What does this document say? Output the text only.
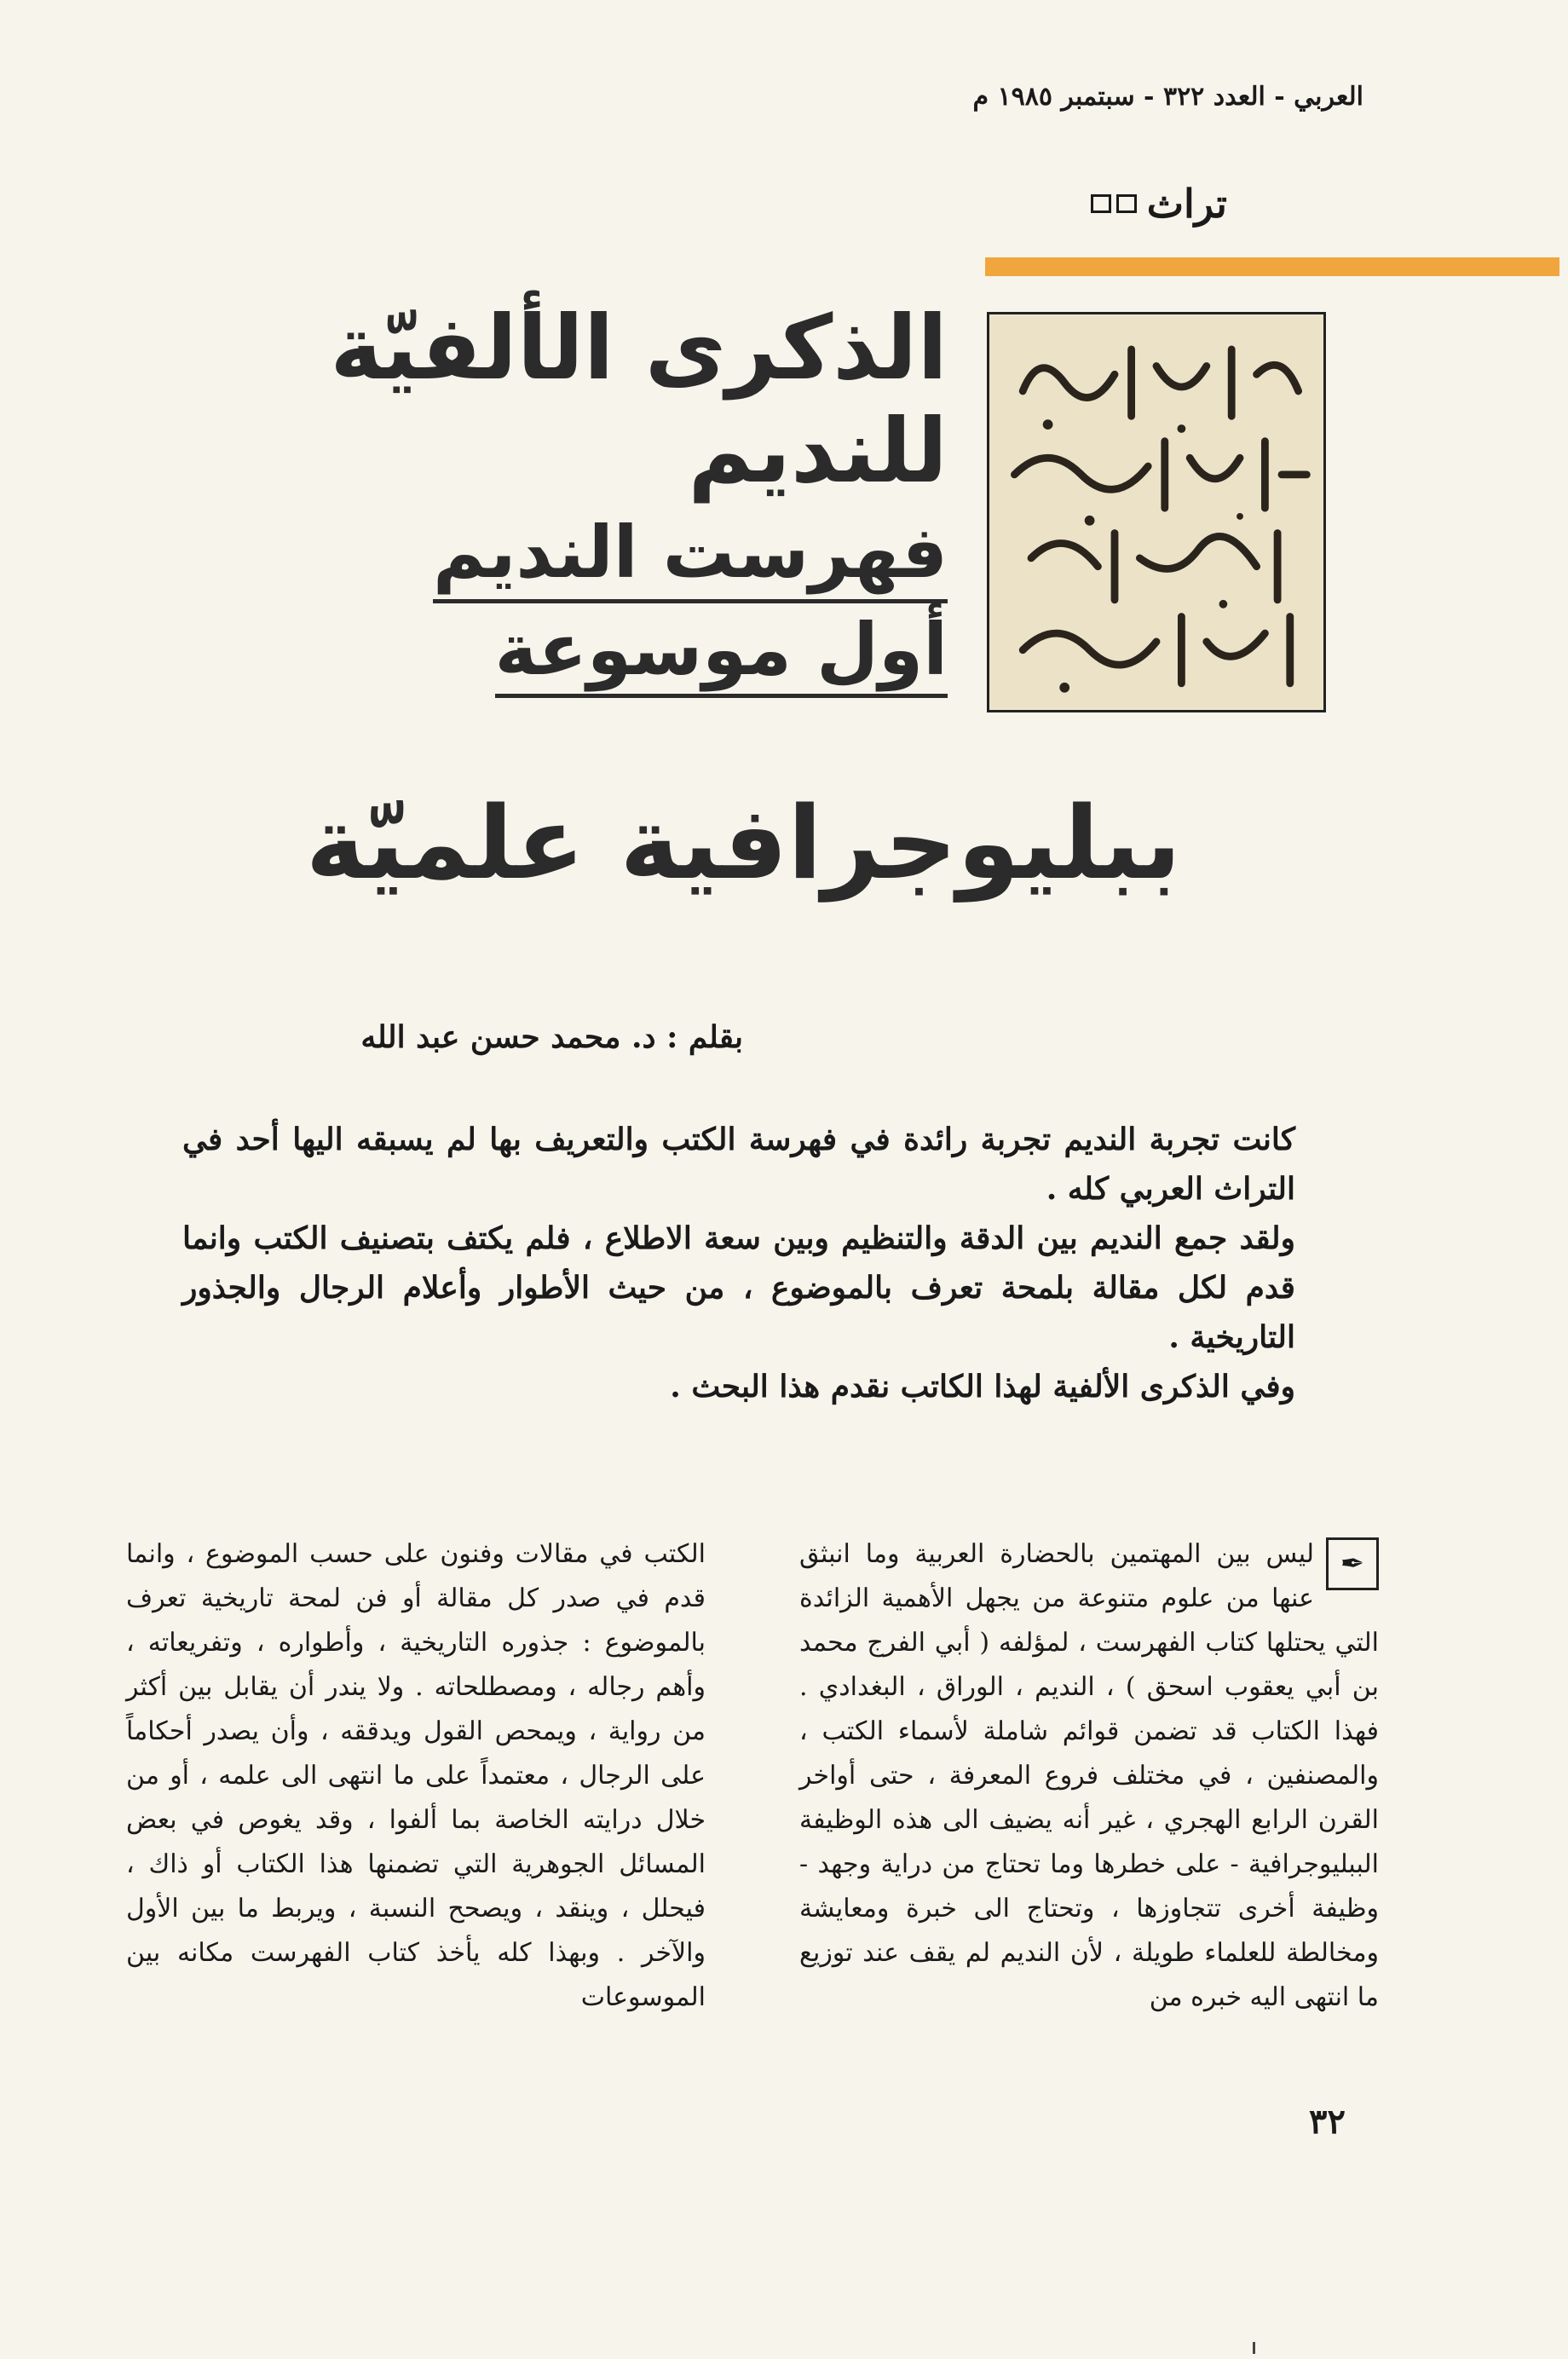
العربي - العدد ٣٢٢ - سبتمبر ١٩٨٥ م
تراث
الذكرى الألفيّة
للنديم
فهرست النديم
أول موسوعة
ببليوجرافية علميّة
بقلم : د. محمد حسن عبد الله

كانت تجربة النديم تجربة رائدة في فهرسة الكتب والتعريف بها لم يسبقه اليها أحد في التراث العربي كله .

ولقد جمع النديم بين الدقة والتنظيم وبين سعة الاطلاع ، فلم يكتف بتصنيف الكتب وانما قدم لكل مقالة بلمحة تعرف بالموضوع ، من حيث الأطوار وأعلام الرجال والجذور التاريخية .

وفي الذكرى الألفية لهذا الكاتب نقدم هذا البحث .

✒

ليس بين المهتمين بالحضارة العربية وما انبثق عنها من علوم متنوعة من يجهل الأهمية الزائدة التي يحتلها كتاب الفهرست ، لمؤلفه ( أبي الفرج محمد بن أبي يعقوب اسحق ) ، النديم ، الوراق ، البغدادي . فهذا الكتاب قد تضمن قوائم شاملة لأسماء الكتب ، والمصنفين ، في مختلف فروع المعرفة ، حتى أواخر القرن الرابع الهجري ، غير أنه يضيف الى هذه الوظيفة الببليوجرافية - على خطرها وما تحتاج من دراية وجهد - وظيفة أخرى تتجاوزها ، وتحتاج الى خبرة ومعايشة ومخالطة للعلماء طويلة ، لأن النديم لم يقف عند توزيع ما انتهى اليه خبره من

الكتب في مقالات وفنون على حسب الموضوع ، وانما قدم في صدر كل مقالة أو فن لمحة تاريخية تعرف بالموضوع : جذوره التاريخية ، وأطواره ، وتفريعاته ، وأهم رجاله ، ومصطلحاته . ولا يندر أن يقابل بين أكثر من رواية ، ويمحص القول ويدققه ، وأن يصدر أحكاماً على الرجال ، معتمداً على ما انتهى الى علمه ، أو من خلال درايته الخاصة بما ألفوا ، وقد يغوص في بعض المسائل الجوهرية التي تضمنها هذا الكتاب أو ذاك ، فيحلل ، وينقد ، ويصحح النسبة ، ويربط ما بين الأول والآخر . وبهذا كله يأخذ كتاب الفهرست مكانه بين الموسوعات

٣٢
